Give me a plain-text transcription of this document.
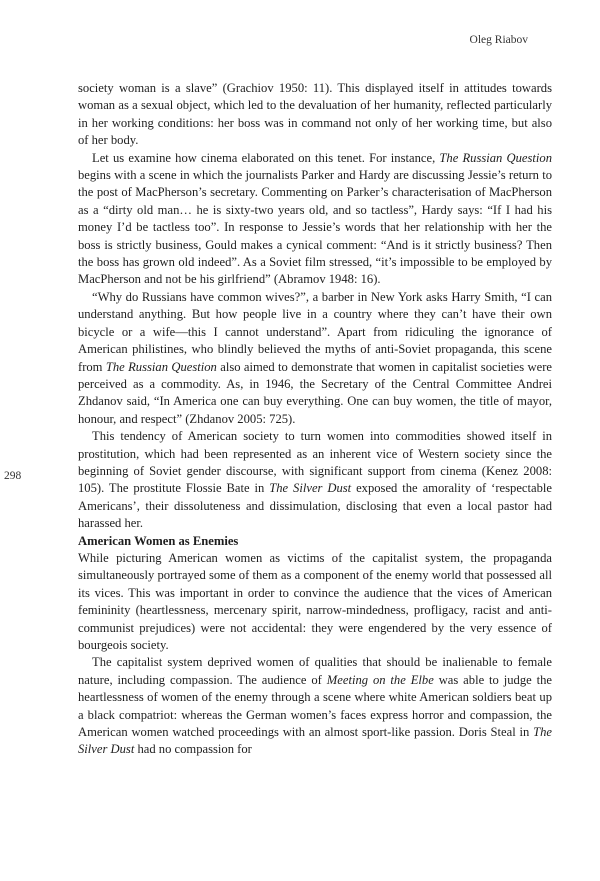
Oleg Riabov
298

society woman is a slave” (Grachiov 1950: 11). This displayed itself in attitudes towards woman as a sexual object, which led to the devaluation of her humanity, reflected particularly in her working conditions: her boss was in command not only of her working time, but also of her body.

Let us examine how cinema elaborated on this tenet. For instance, The Russian Question begins with a scene in which the journalists Parker and Hardy are discussing Jessie’s return to the post of MacPherson’s secretary. Commenting on Parker’s characterisation of MacPherson as a “dirty old man… he is sixty-two years old, and so tactless”, Hardy says: “If I had his money I’d be tactless too”. In response to Jessie’s words that her relationship with her the boss is strictly business, Gould makes a cynical comment: “And is it strictly business? Then the boss has grown old indeed”. As a Soviet film stressed, “it’s impossible to be employed by MacPherson and not be his girlfriend” (Abramov 1948: 16).

“Why do Russians have common wives?”, a barber in New York asks Harry Smith, “I can understand anything. But how people live in a country where they can’t have their own bicycle or a wife—this I cannot understand”. Apart from ridiculing the ignorance of American philistines, who blindly believed the myths of anti-Soviet propaganda, this scene from The Russian Question also aimed to demonstrate that women in capitalist societies were perceived as a commodity. As, in 1946, the Secretary of the Central Committee Andrei Zhdanov said, “In America one can buy everything. One can buy women, the title of mayor, honour, and respect” (Zhdanov 2005: 725).

This tendency of American society to turn women into commodities showed itself in prostitution, which had been represented as an inherent vice of Western society since the beginning of Soviet gender discourse, with significant support from cinema (Kenez 2008: 105). The prostitute Flossie Bate in The Silver Dust exposed the amorality of ‘respectable Americans’, their dissoluteness and dissimulation, disclosing that even a local pastor had harassed her.

American Women as Enemies

While picturing American women as victims of the capitalist system, the propaganda simultaneously portrayed some of them as a component of the enemy world that possessed all its vices. This was important in order to convince the audience that the vices of American femininity (heartlessness, mercenary spirit, narrow-mindedness, profligacy, racist and anti-communist prejudices) were not accidental: they were engendered by the very essence of bourgeois society.

The capitalist system deprived women of qualities that should be inalienable to female nature, including compassion. The audience of Meeting on the Elbe was able to judge the heartlessness of women of the enemy through a scene where white American soldiers beat up a black compatriot: whereas the German women’s faces express horror and compassion, the American women watched proceedings with an almost sport-like passion. Doris Steal in The Silver Dust had no compassion for
